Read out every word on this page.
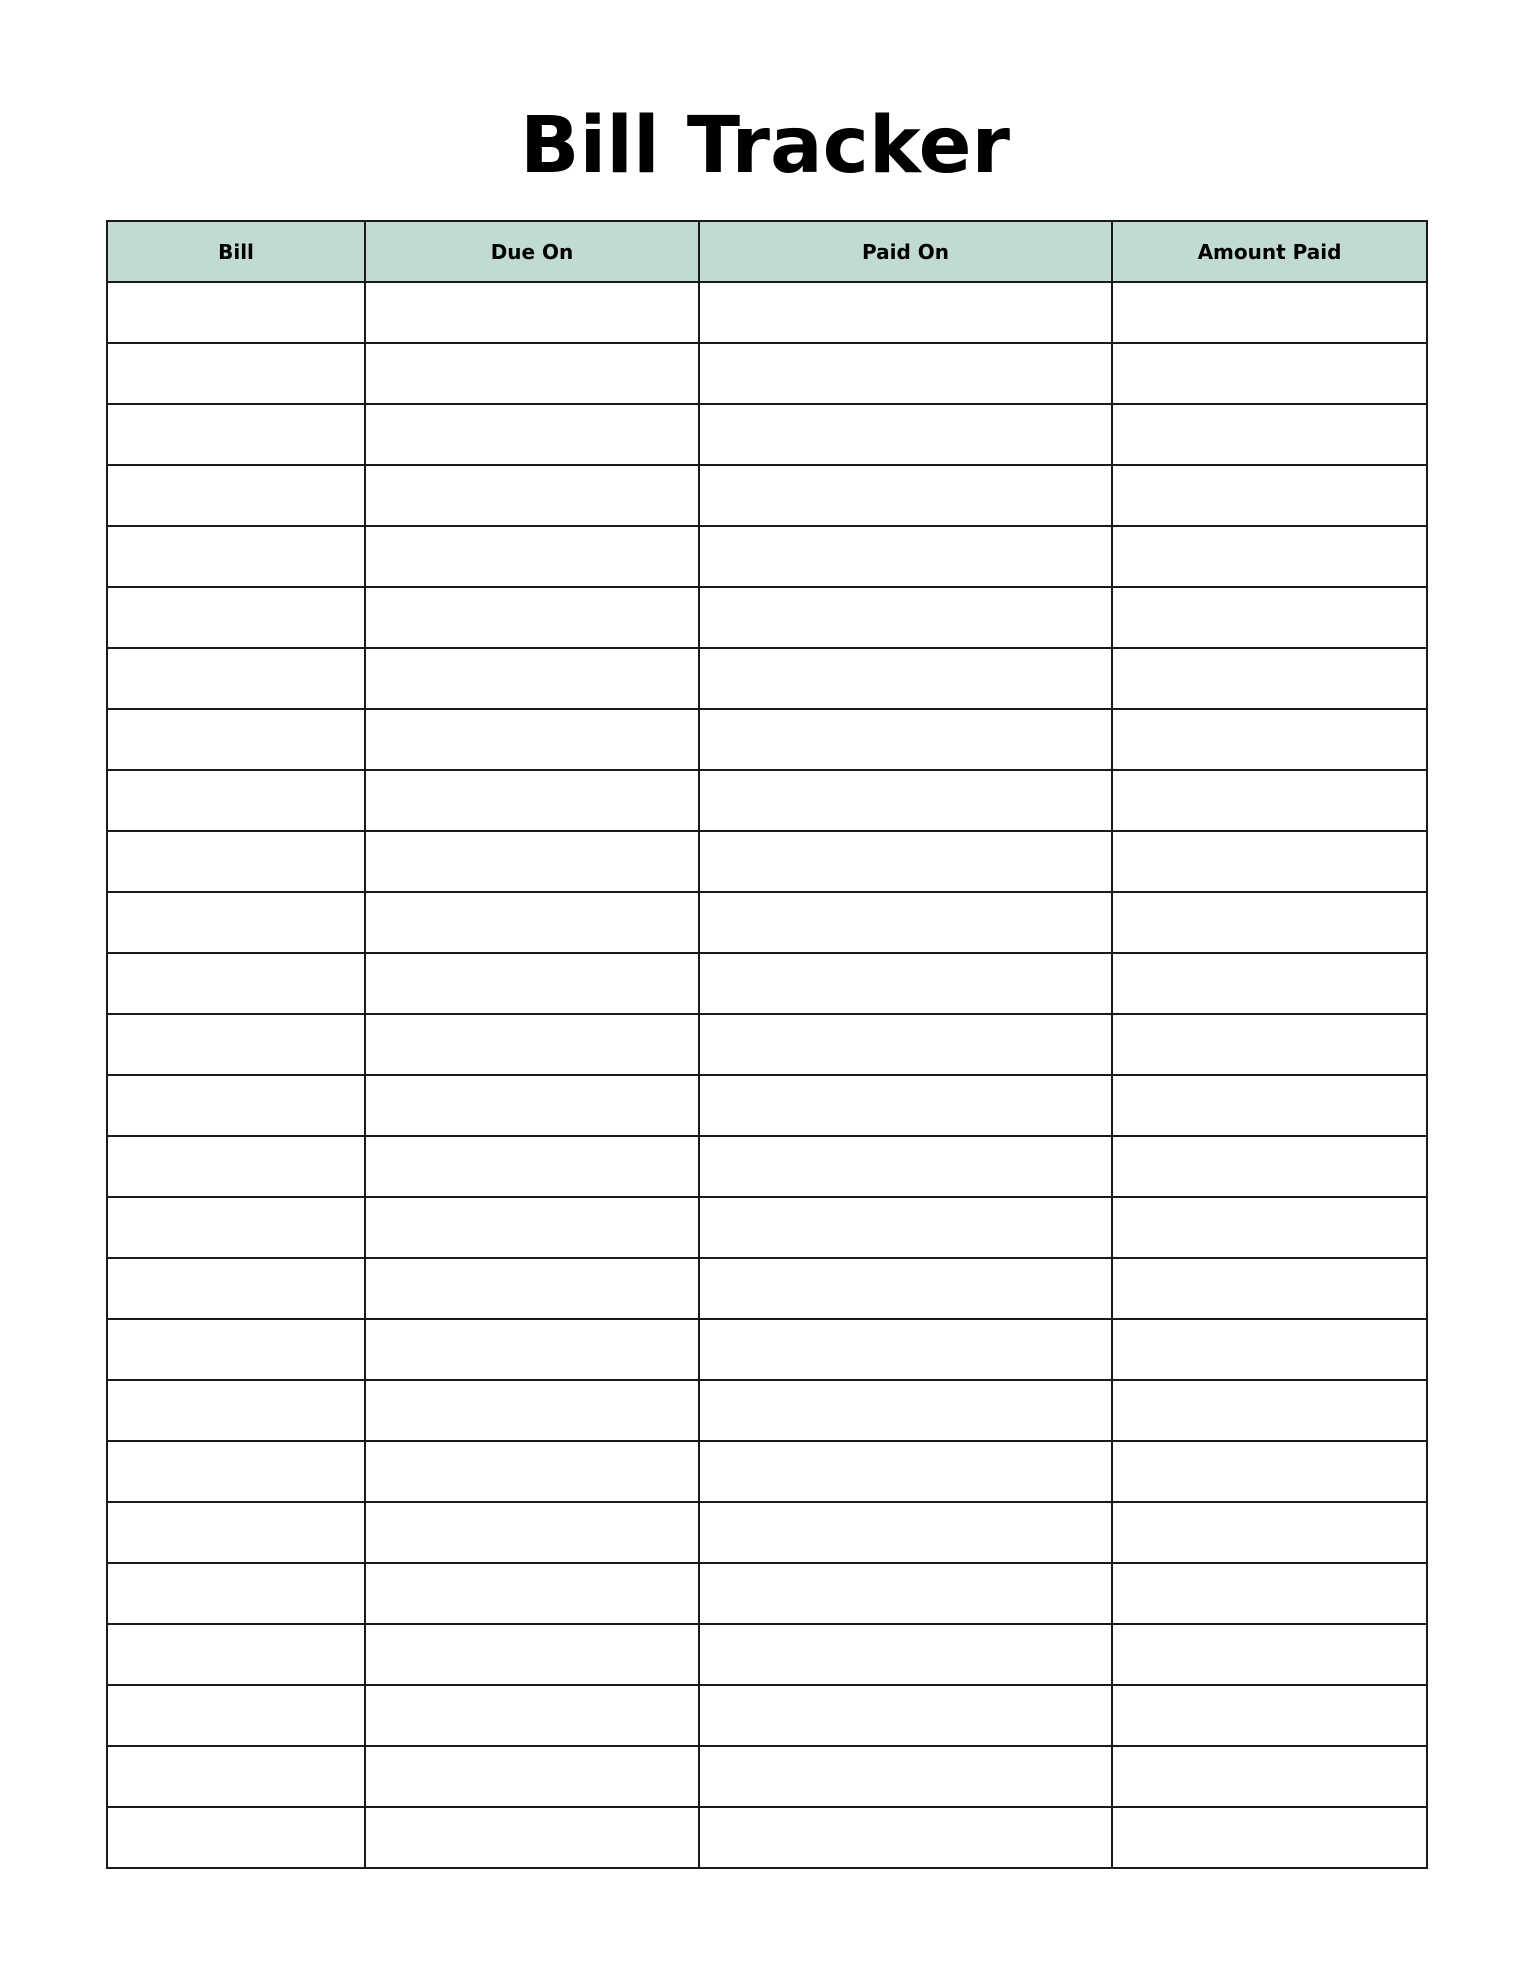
Bill Tracker
Bill	Due On	Paid On	Amount Paid
